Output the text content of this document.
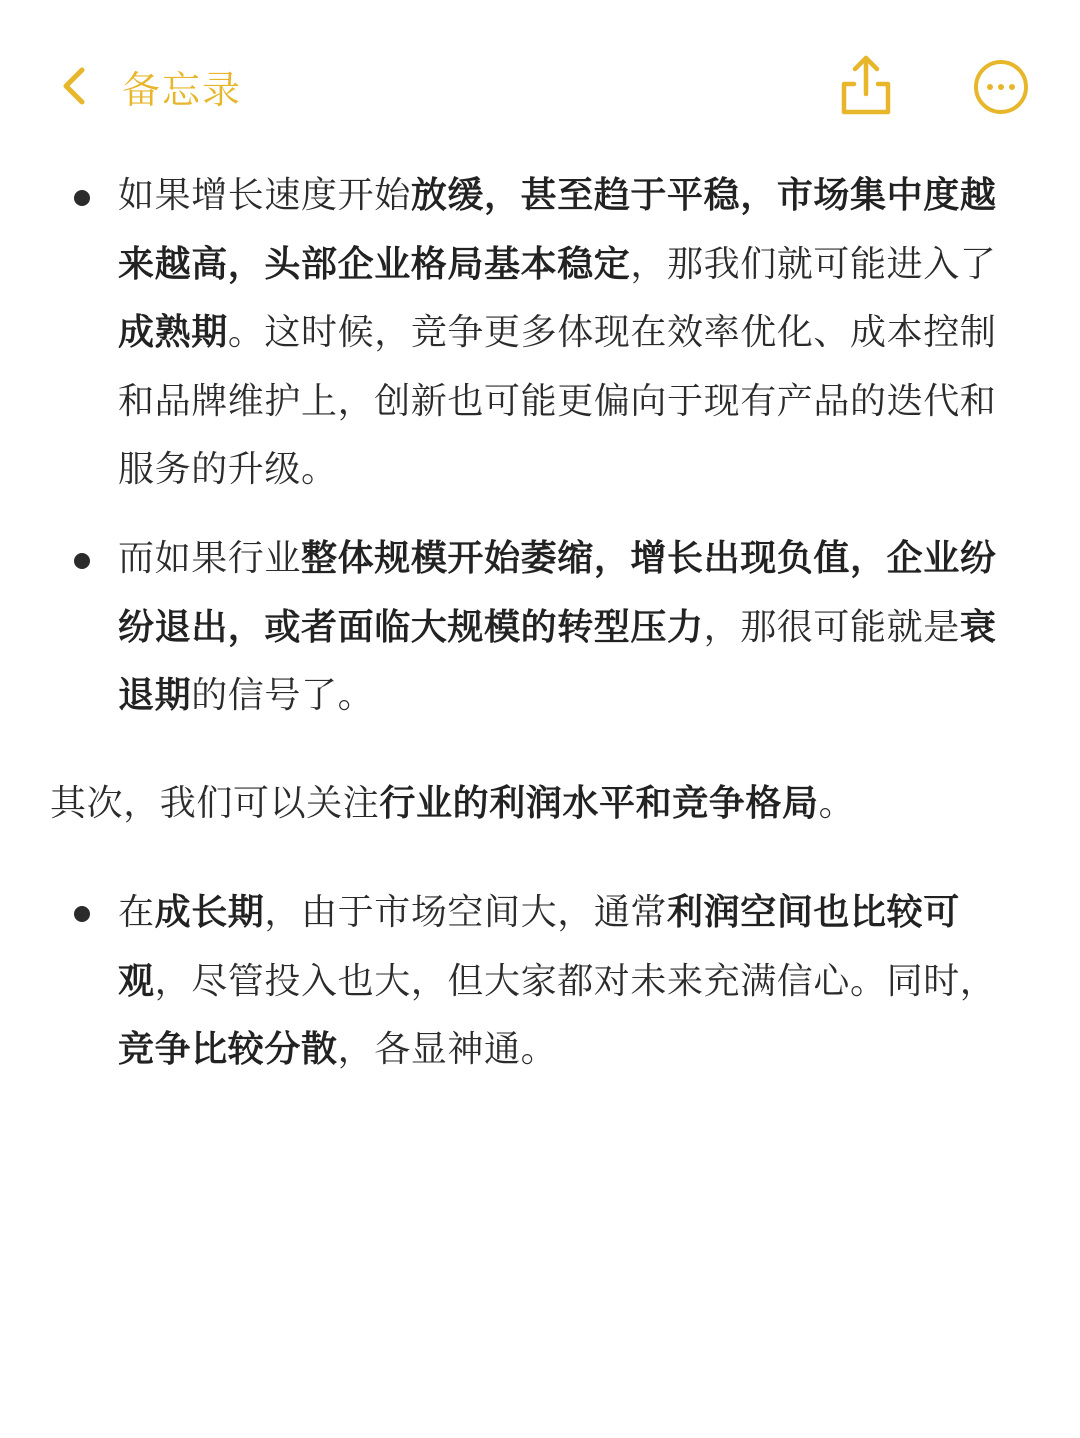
备忘录
如果增长速度开始放缓，甚至趋于平稳，市场集中度越来越高，头部企业格局基本稳定，那我们就可能进入了成熟期。这时候，竞争更多体现在效率优化、成本控制和品牌维护上，创新也可能更偏向于现有产品的迭代和服务的升级。
而如果行业整体规模开始萎缩，增长出现负值，企业纷纷退出，或者面临大规模的转型压力，那很可能就是衰退期的信号了。
其次，我们可以关注行业的利润水平和竞争格局。
在成长期，由于市场空间大，通常利润空间也比较可观，尽管投入也大，但大家都对未来充满信心。同时，竞争比较分散，各显神通。
